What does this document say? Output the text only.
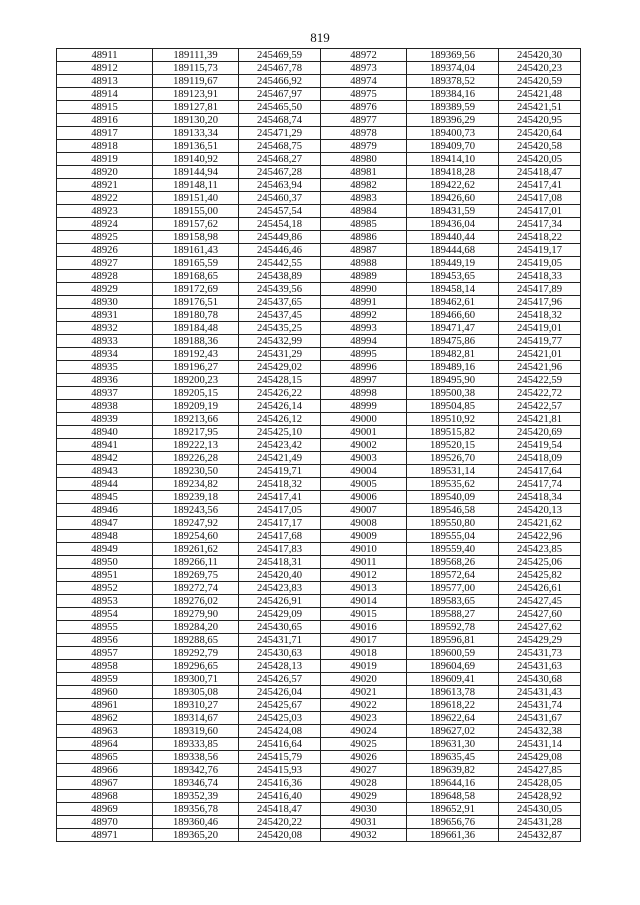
819
48911	189111,39	245469,59	48972	189369,56	245420,30
48912	189115,73	245467,78	48973	189374,04	245420,23
48913	189119,67	245466,92	48974	189378,52	245420,59
48914	189123,91	245467,97	48975	189384,16	245421,48
48915	189127,81	245465,50	48976	189389,59	245421,51
48916	189130,20	245468,74	48977	189396,29	245420,95
48917	189133,34	245471,29	48978	189400,73	245420,64
48918	189136,51	245468,75	48979	189409,70	245420,58
48919	189140,92	245468,27	48980	189414,10	245420,05
48920	189144,94	245467,28	48981	189418,28	245418,47
48921	189148,11	245463,94	48982	189422,62	245417,41
48922	189151,40	245460,37	48983	189426,60	245417,08
48923	189155,00	245457,54	48984	189431,59	245417,01
48924	189157,62	245454,18	48985	189436,04	245417,34
48925	189158,98	245449,86	48986	189440,44	245418,22
48926	189161,43	245446,46	48987	189444,68	245419,17
48927	189165,59	245442,55	48988	189449,19	245419,05
48928	189168,65	245438,89	48989	189453,65	245418,33
48929	189172,69	245439,56	48990	189458,14	245417,89
48930	189176,51	245437,65	48991	189462,61	245417,96
48931	189180,78	245437,45	48992	189466,60	245418,32
48932	189184,48	245435,25	48993	189471,47	245419,01
48933	189188,36	245432,99	48994	189475,86	245419,77
48934	189192,43	245431,29	48995	189482,81	245421,01
48935	189196,27	245429,02	48996	189489,16	245421,96
48936	189200,23	245428,15	48997	189495,90	245422,59
48937	189205,15	245426,22	48998	189500,38	245422,72
48938	189209,19	245426,14	48999	189504,85	245422,57
48939	189213,66	245426,12	49000	189510,92	245421,81
48940	189217,95	245425,10	49001	189515,82	245420,69
48941	189222,13	245423,42	49002	189520,15	245419,54
48942	189226,28	245421,49	49003	189526,70	245418,09
48943	189230,50	245419,71	49004	189531,14	245417,64
48944	189234,82	245418,32	49005	189535,62	245417,74
48945	189239,18	245417,41	49006	189540,09	245418,34
48946	189243,56	245417,05	49007	189546,58	245420,13
48947	189247,92	245417,17	49008	189550,80	245421,62
48948	189254,60	245417,68	49009	189555,04	245422,96
48949	189261,62	245417,83	49010	189559,40	245423,85
48950	189266,11	245418,31	49011	189568,26	245425,06
48951	189269,75	245420,40	49012	189572,64	245425,82
48952	189272,74	245423,83	49013	189577,00	245426,61
48953	189276,02	245426,91	49014	189583,65	245427,45
48954	189279,90	245429,09	49015	189588,27	245427,60
48955	189284,20	245430,65	49016	189592,78	245427,62
48956	189288,65	245431,71	49017	189596,81	245429,29
48957	189292,79	245430,63	49018	189600,59	245431,73
48958	189296,65	245428,13	49019	189604,69	245431,63
48959	189300,71	245426,57	49020	189609,41	245430,68
48960	189305,08	245426,04	49021	189613,78	245431,43
48961	189310,27	245425,67	49022	189618,22	245431,74
48962	189314,67	245425,03	49023	189622,64	245431,67
48963	189319,60	245424,08	49024	189627,02	245432,38
48964	189333,85	245416,64	49025	189631,30	245431,14
48965	189338,56	245415,79	49026	189635,45	245429,08
48966	189342,76	245415,93	49027	189639,82	245427,85
48967	189346,74	245416,36	49028	189644,16	245428,05
48968	189352,39	245416,40	49029	189648,58	245428,92
48969	189356,78	245418,47	49030	189652,91	245430,05
48970	189360,46	245420,22	49031	189656,76	245431,28
48971	189365,20	245420,08	49032	189661,36	245432,87
